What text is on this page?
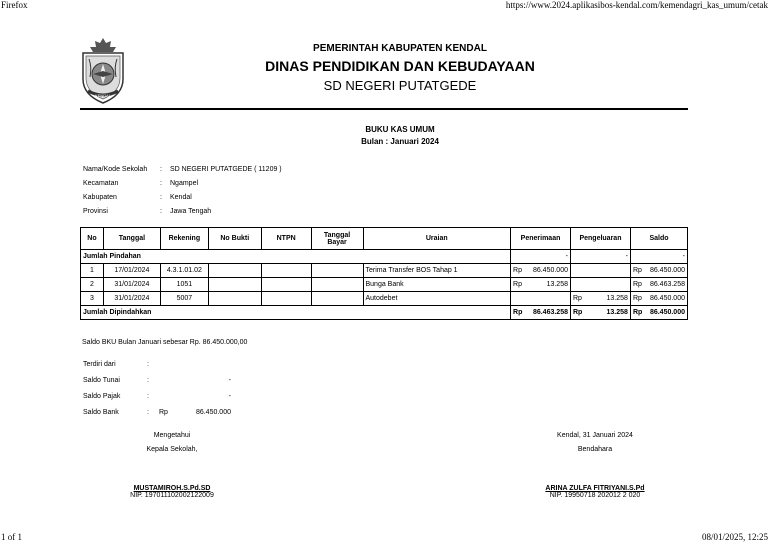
Firefox	https://www.2024.aplikasibos-kendal.com/kemendagri_kas_umum/cetak
KENDAL
PEMERINTAH KABUPATEN KENDAL
DINAS PENDIDIKAN DAN KEBUDAYAAN
SD NEGERI PUTATGEDE
BUKU KAS UMUM
Bulan : Januari 2024
Nama/Kode Sekolah	:	SD NEGERI PUTATGEDE ( 11209 )
Kecamatan	:	Ngampel
Kabupaten	:	Kendal
Provinsi	:	Jawa Tengah
No	Tanggal	Rekening	No Bukti	NTPN	Tanggal Bayar	Uraian	Penerimaan	Pengeluaran	Saldo
Jumlah Pindahan							-	-	-
1	17/01/2024	4.3.1.01.02				Terima Transfer BOS Tahap 1	Rp 86.450.000		Rp 86.450.000

2	31/01/2024	1051				Bunga Bank	Rp 13.258		Rp 86.463.258

3	31/01/2024	5007				Autodebet		Rp 13.258	Rp 86.450.000

Jumlah Dipindahkan							Rp 86.463.258	Rp 13.258	Rp 86.450.000
Saldo BKU Bulan Januari sebesar Rp. 86.450.000,00
Terdiri dari	:
Saldo Tunai	:	-
Saldo Pajak	:	-
Saldo Bank	:	Rp	86.450.000
Mengetahui
Kepala Sekolah,
MUSTAMIROH.S.Pd.SD
NIP. 197011102002122009
Kendal, 31 Januari 2024
Bendahara
ARINA ZULFA FITRIYANI.S.Pd
NIP. 19950718 202012 2 020
1 of 1	08/01/2025, 12:25
